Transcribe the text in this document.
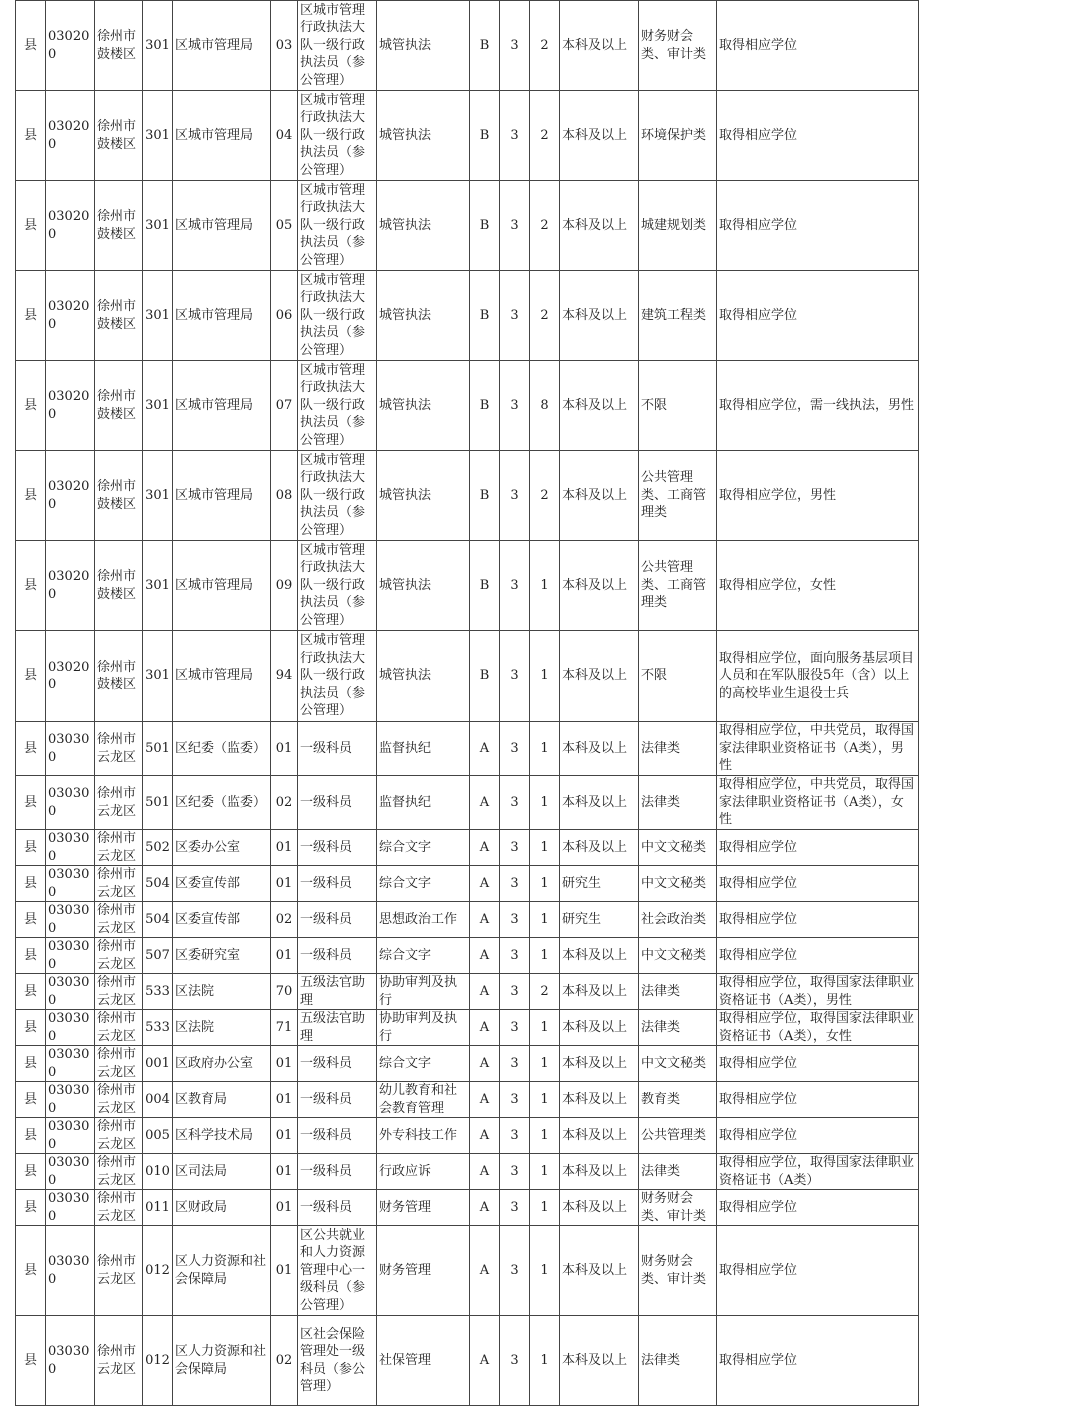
县	030200	徐州市鼓楼区	301	区城市管理局	03	区城市管理行政执法大队一级行政执法员（参公管理）	城管执法	B	3	2	本科及以上	财务财会类、审计类	取得相应学位
县	030200	徐州市鼓楼区	301	区城市管理局	04	区城市管理行政执法大队一级行政执法员（参公管理）	城管执法	B	3	2	本科及以上	环境保护类	取得相应学位
县	030200	徐州市鼓楼区	301	区城市管理局	05	区城市管理行政执法大队一级行政执法员（参公管理）	城管执法	B	3	2	本科及以上	城建规划类	取得相应学位
县	030200	徐州市鼓楼区	301	区城市管理局	06	区城市管理行政执法大队一级行政执法员（参公管理）	城管执法	B	3	2	本科及以上	建筑工程类	取得相应学位
县	030200	徐州市鼓楼区	301	区城市管理局	07	区城市管理行政执法大队一级行政执法员（参公管理）	城管执法	B	3	8	本科及以上	不限	取得相应学位，需一线执法，男性
县	030200	徐州市鼓楼区	301	区城市管理局	08	区城市管理行政执法大队一级行政执法员（参公管理）	城管执法	B	3	2	本科及以上	公共管理类、工商管理类	取得相应学位，男性
县	030200	徐州市鼓楼区	301	区城市管理局	09	区城市管理行政执法大队一级行政执法员（参公管理）	城管执法	B	3	1	本科及以上	公共管理类、工商管理类	取得相应学位，女性
县	030200	徐州市鼓楼区	301	区城市管理局	94	区城市管理行政执法大队一级行政执法员（参公管理）	城管执法	B	3	1	本科及以上	不限	取得相应学位，面向服务基层项目人员和在军队服役5年（含）以上的高校毕业生退役士兵
县	030300	徐州市云龙区	501	区纪委（监委）	01	一级科员	监督执纪	A	3	1	本科及以上	法律类	取得相应学位，中共党员，取得国家法律职业资格证书（A类），男性
县	030300	徐州市云龙区	501	区纪委（监委）	02	一级科员	监督执纪	A	3	1	本科及以上	法律类	取得相应学位，中共党员，取得国家法律职业资格证书（A类），女性
县	030300	徐州市云龙区	502	区委办公室	01	一级科员	综合文字	A	3	1	本科及以上	中文文秘类	取得相应学位
县	030300	徐州市云龙区	504	区委宣传部	01	一级科员	综合文字	A	3	1	研究生	中文文秘类	取得相应学位
县	030300	徐州市云龙区	504	区委宣传部	02	一级科员	思想政治工作	A	3	1	研究生	社会政治类	取得相应学位
县	030300	徐州市云龙区	507	区委研究室	01	一级科员	综合文字	A	3	1	本科及以上	中文文秘类	取得相应学位
县	030300	徐州市云龙区	533	区法院	70	五级法官助理	协助审判及执行	A	3	2	本科及以上	法律类	取得相应学位，取得国家法律职业资格证书（A类），男性
县	030300	徐州市云龙区	533	区法院	71	五级法官助理	协助审判及执行	A	3	1	本科及以上	法律类	取得相应学位，取得国家法律职业资格证书（A类），女性
县	030300	徐州市云龙区	001	区政府办公室	01	一级科员	综合文字	A	3	1	本科及以上	中文文秘类	取得相应学位
县	030300	徐州市云龙区	004	区教育局	01	一级科员	幼儿教育和社会教育管理	A	3	1	本科及以上	教育类	取得相应学位
县	030300	徐州市云龙区	005	区科学技术局	01	一级科员	外专科技工作	A	3	1	本科及以上	公共管理类	取得相应学位
县	030300	徐州市云龙区	010	区司法局	01	一级科员	行政应诉	A	3	1	本科及以上	法律类	取得相应学位，取得国家法律职业资格证书（A类）
县	030300	徐州市云龙区	011	区财政局	01	一级科员	财务管理	A	3	1	本科及以上	财务财会类、审计类	取得相应学位
县	030300	徐州市云龙区	012	区人力资源和社会保障局	01	区公共就业和人力资源管理中心一级科员（参公管理）	财务管理	A	3	1	本科及以上	财务财会类、审计类	取得相应学位
县	030300	徐州市云龙区	012	区人力资源和社会保障局	02	区社会保险管理处一级科员（参公管理）	社保管理	A	3	1	本科及以上	法律类	取得相应学位
